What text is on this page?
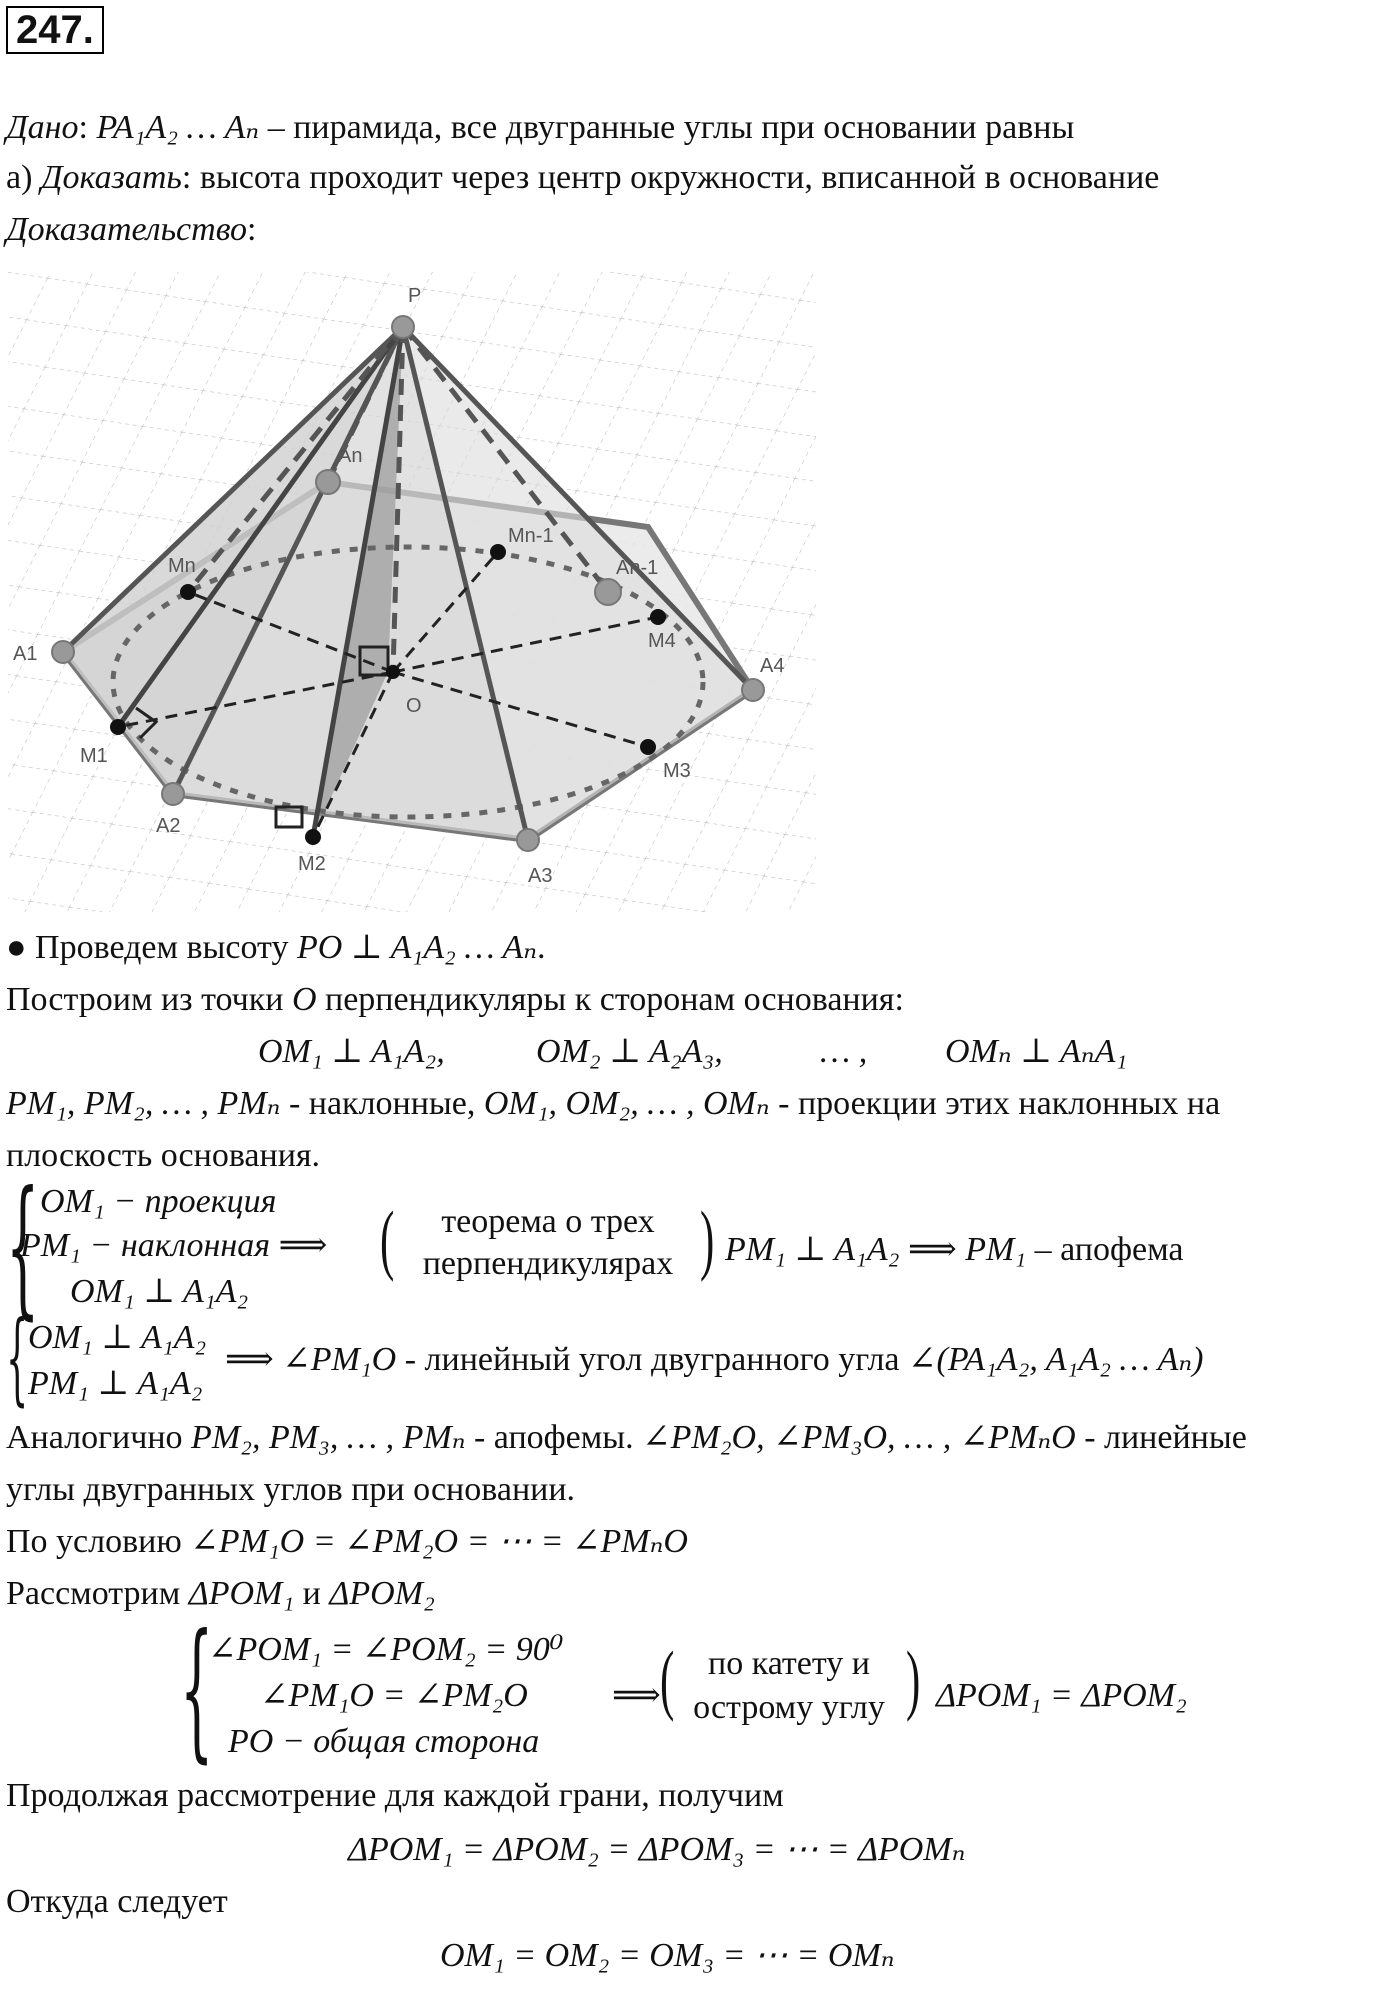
247.
Дано: PA₁A₂ … Aₙ – пирамида, все двугранные углы при основании равны
а) Доказать: высота проходит через центр окружности, вписанной в основание
Доказательство:
P
A1
A2
A3
A4
An
An-1
M1
M2
M3
M4
Mn
Mn-1
O
● Проведем высоту PO ⊥ A₁A₂ … Aₙ.
Построим из точки O перпендикуляры к сторонам основания:
OM₁ ⊥ A₁A₂,	OM₂ ⊥ A₂A₃,	… , OMₙ ⊥ AₙA₁
PM₁, PM₂, … , PMₙ - наклонные, OM₁, OM₂, … , OMₙ - проекции этих наклонных на
плоскость основания.
{ OM₁ − проекция
PM₁ − наклонная ⟹
OM₁ ⊥ A₁A₂
(	теорема о трех
перпендикулярах ) PM₁ ⊥ A₁A₂ ⟹ PM₁ – апофема
{ OM₁ ⊥ A₁A₂
PM₁ ⊥ A₁A₂
⟹ ∠PM₁O - линейный угол двугранного угла ∠(PA₁A₂, A₁A₂ … Aₙ)
Аналогично PM₂, PM₃, … , PMₙ - апофемы. ∠PM₂O, ∠PM₃O, … , ∠PMₙO - линейные
углы двугранных углов при основании.
По условию ∠PM₁O = ∠PM₂O = ⋯ = ∠PMₙO
Рассмотрим ΔPOM₁ и ΔPOM₂
{
∠POM₁ = ∠POM₂ = 90⁰
∠PM₁O = ∠PM₂O
PO − общая сторона
⟹ ( по катету и
острому углу ) ΔPOM₁ = ΔPOM₂
Продолжая рассмотрение для каждой грани, получим
ΔPOM₁ = ΔPOM₂ = ΔPOM₃ = ⋯ = ΔPOMₙ
Откуда следует
OM₁ = OM₂ = OM₃ = ⋯ = OMₙ
